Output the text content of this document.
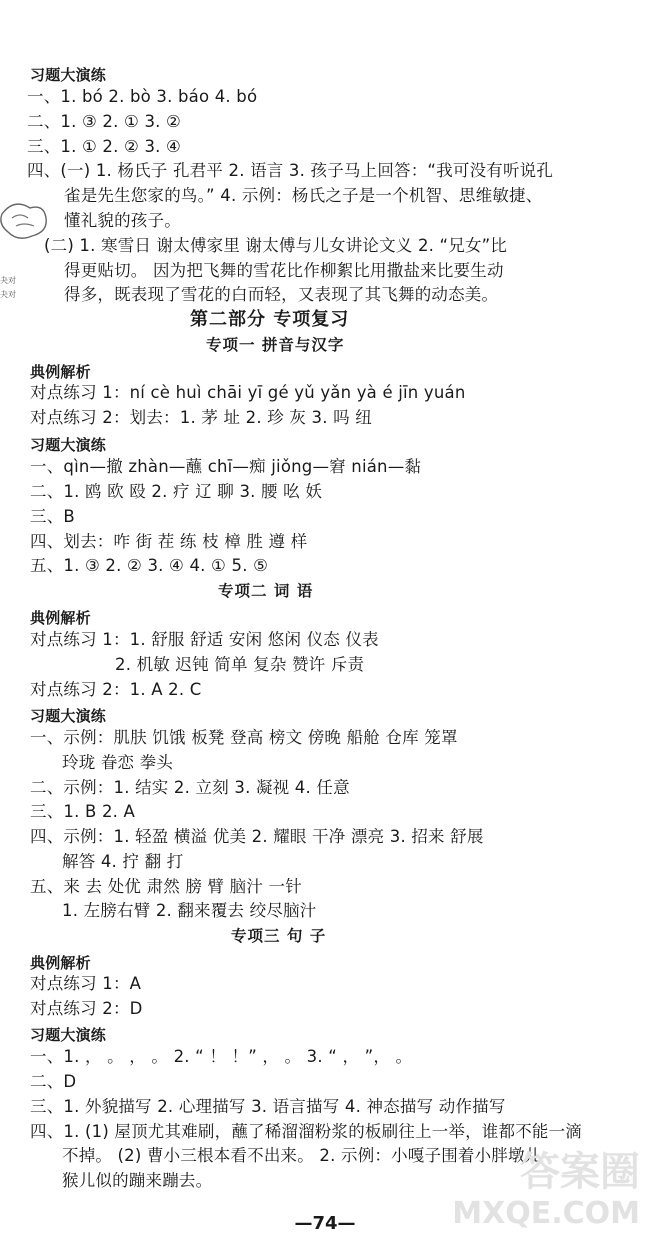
夬对
夬对
习题大演练
一、1. bó 2. bò 3. báo 4. bó
二、1. ③ 2. ① 3. ②
三、1. ① 2. ② 3. ④
四、(一) 1. 杨氏子 孔君平 2. 语言 3. 孩子马上回答：“我可没有听说孔
雀是先生您家的鸟。” 4. 示例：杨氏之子是一个机智、思维敏捷、
懂礼貌的孩子。
(二) 1. 寒雪日 谢太傅家里 谢太傅与儿女讲论文义 2. “兄女”比
得更贴切。 因为把飞舞的雪花比作柳絮比用撒盐来比要生动
得多，既表现了雪花的白而轻，又表现了其飞舞的动态美。
第二部分 专项复习
专项一 拼音与汉字
典例解析
对点练习 1：ní cè huì chāi yī gé yǔ yǎn yà é jīn yuán
对点练习 2：划去：1. 茅 址 2. 珍 灰 3. 吗 纽
习题大演练
一、qìn—撤 zhàn—蘸 chī—痴 jiǒng—窘 nián—黏
二、1. 鸥 欧 殴 2. 疗 辽 聊 3. 腰 吆 妖
三、B
四、划去：咋 街 茬 练 枝 樟 胜 遵 样
五、1. ③ 2. ② 3. ④ 4. ① 5. ⑤
专项二 词 语
典例解析
对点练习 1：1. 舒服 舒适 安闲 悠闲 仪态 仪表
2. 机敏 迟钝 简单 复杂 赞许 斥责
对点练习 2：1. A 2. C
习题大演练
一、示例：肌肤 饥饿 板凳 登高 榜文 傍晚 船舱 仓库 笼罩
玲珑 眷恋 拳头
二、示例：1. 结实 2. 立刻 3. 凝视 4. 任意
三、1. B 2. A
四、示例：1. 轻盈 横溢 优美 2. 耀眼 干净 漂亮 3. 招来 舒展
解答 4. 拧 翻 打
五、来 去 处优 肃然 膀 臂 脑汁 一针
1. 左膀右臂 2. 翻来覆去 绞尽脑汁
专项三 句 子
典例解析
对点练习 1：A
对点练习 2：D
习题大演练
一、1. ， 。 ， 。 2. “ ！ ！” ， 。 3. “ ， ”， 。
二、D
三、1. 外貌描写 2. 心理描写 3. 语言描写 4. 神态描写 动作描写
四、1. (1) 屋顶尤其难刷，蘸了稀溜溜粉浆的板刷往上一举，谁都不能一滴
不掉。 (2) 曹小三根本看不出来。 2. 示例：小嘎子围着小胖墩儿
猴儿似的蹦来蹦去。
—74—
答案圈
MXQE.COM
